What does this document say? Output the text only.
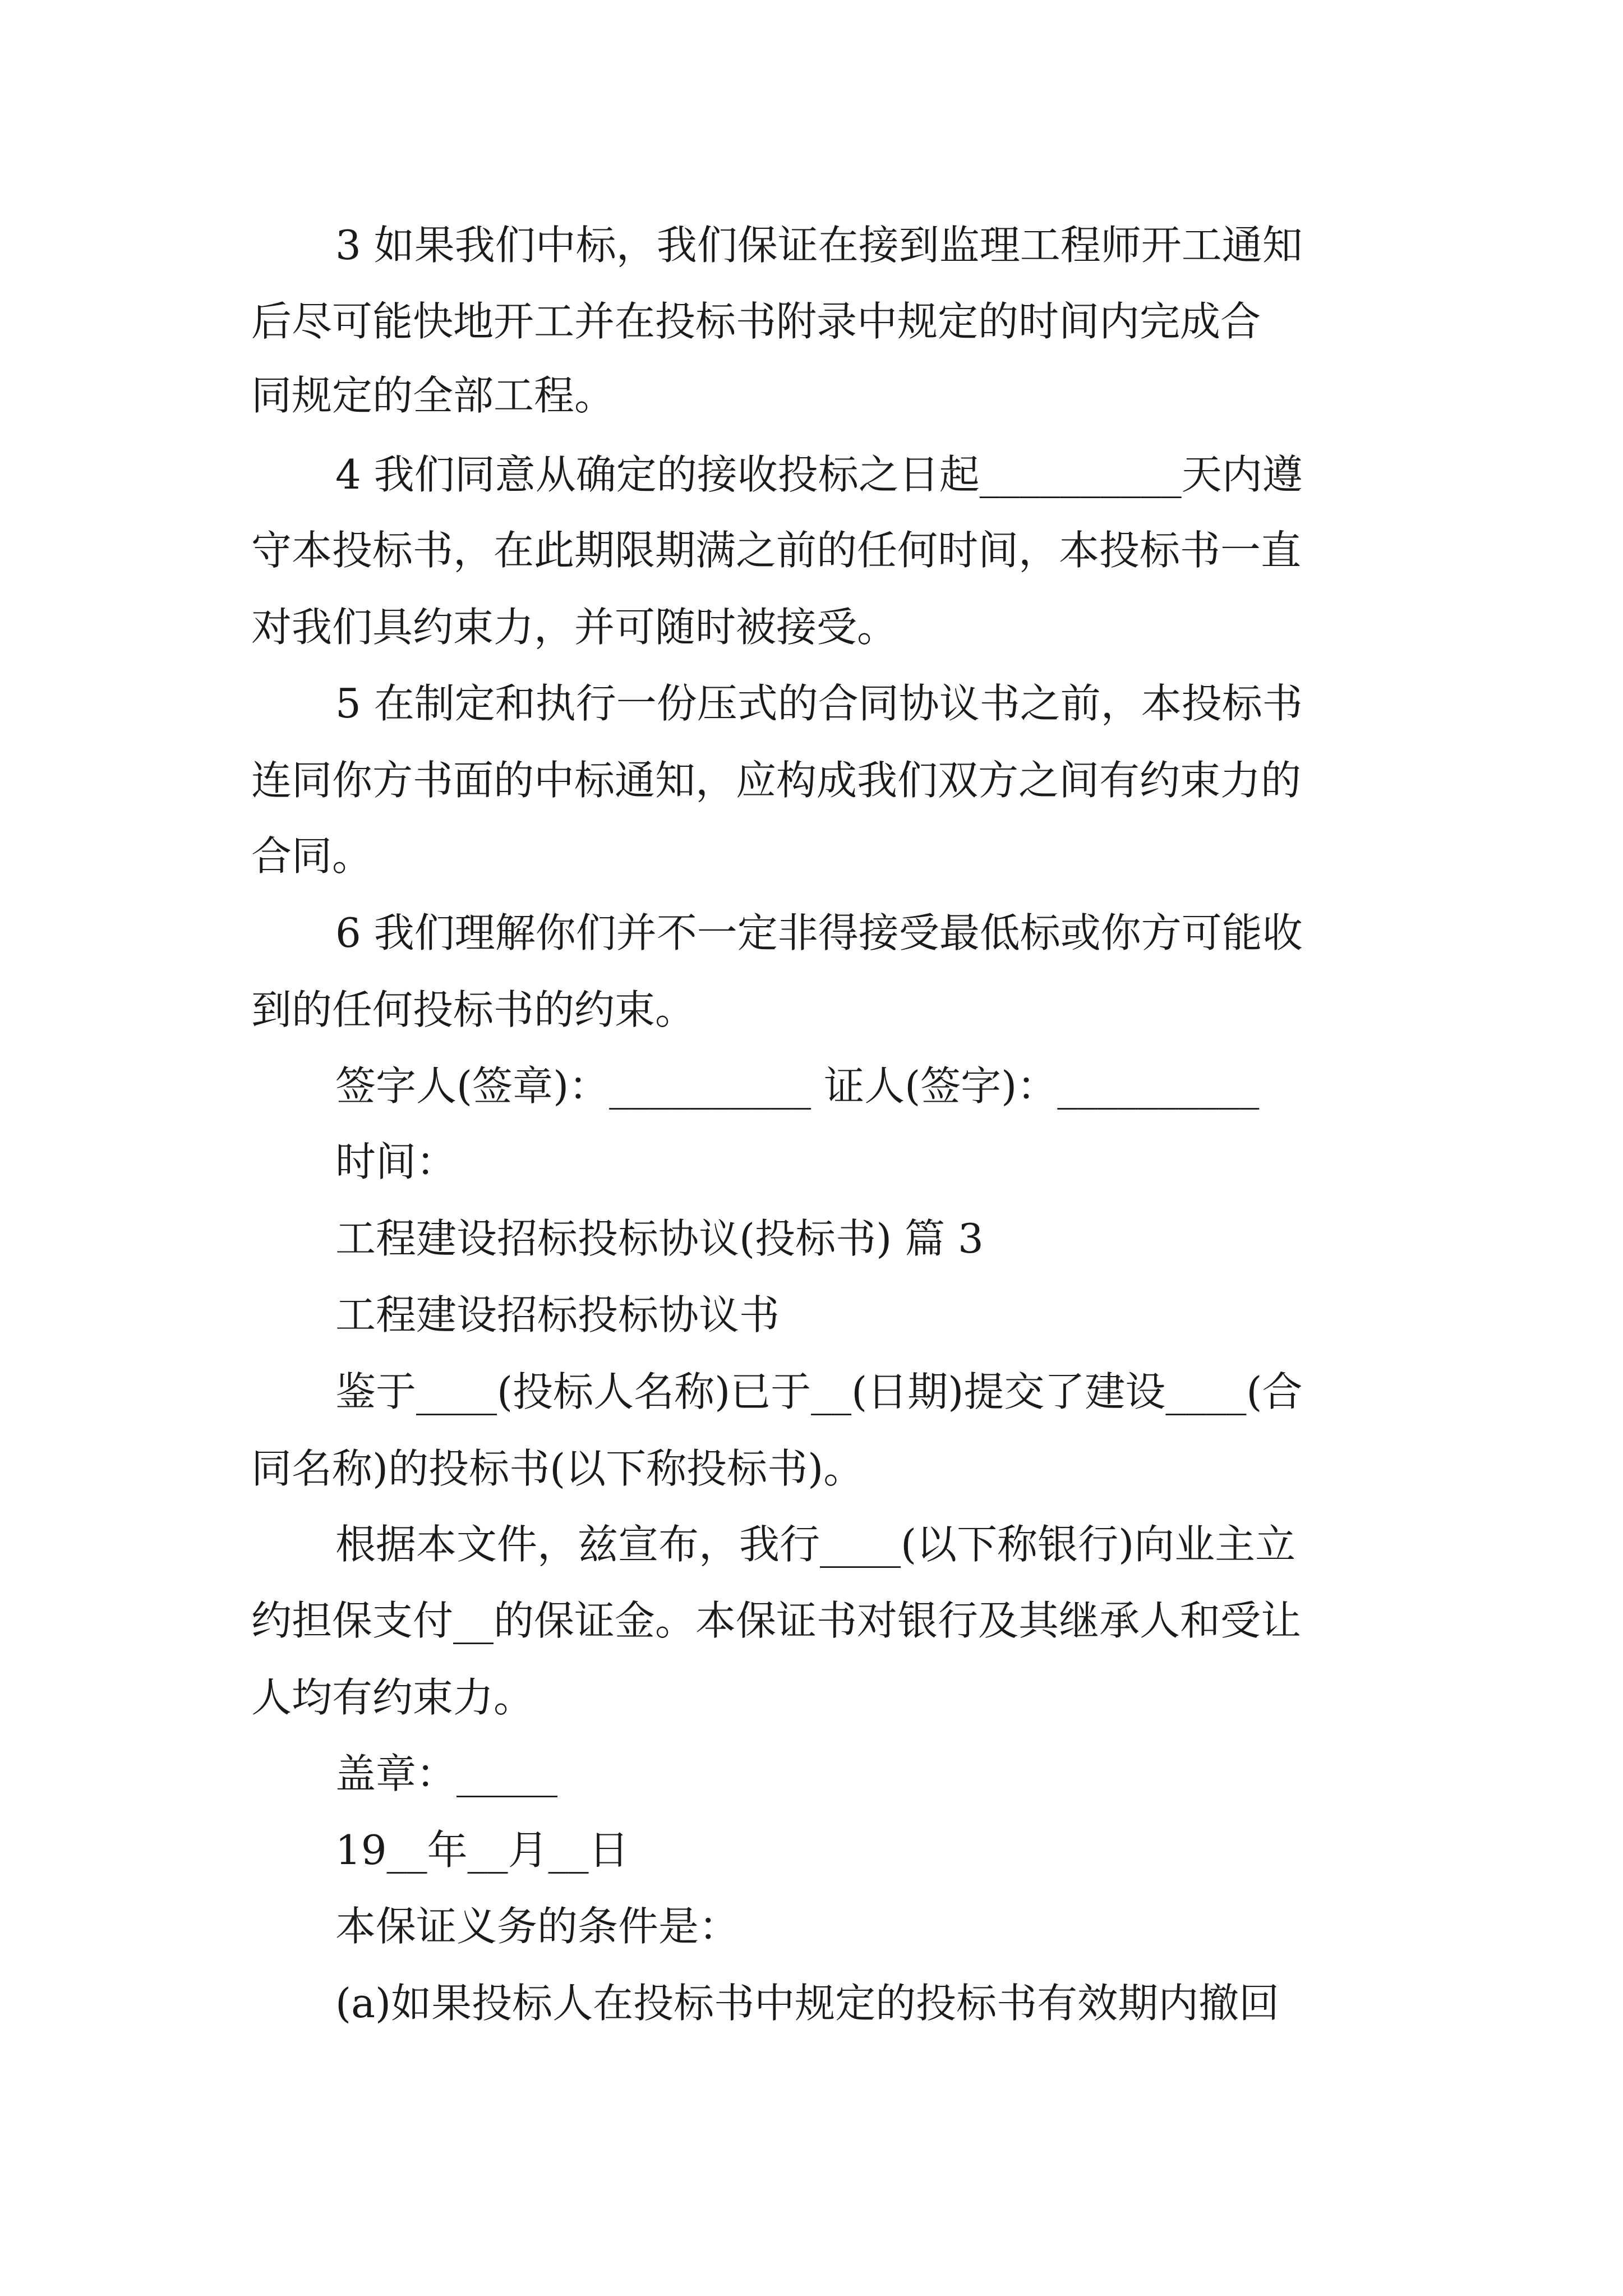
3 如果我们中标，我们保证在接到监理工程师开工通知
后尽可能快地开工并在投标书附录中规定的时间内完成合
同规定的全部工程。
4 我们同意从确定的接收投标之日起__________天内遵
守本投标书，在此期限期满之前的任何时间，本投标书一直
对我们具约束力，并可随时被接受。
5 在制定和执行一份压式的合同协议书之前，本投标书
连同你方书面的中标通知，应构成我们双方之间有约束力的
合同。
6 我们理解你们并不一定非得接受最低标或你方可能收
到的任何投标书的约束。
签字人(签章)：__________ 证人(签字)：__________
时间：
工程建设招标投标协议(投标书) 篇 3
工程建设招标投标协议书
鉴于____(投标人名称)已于__(日期)提交了建设____(合
同名称)的投标书(以下称投标书)。
根据本文件，兹宣布，我行____(以下称银行)向业主立
约担保支付__的保证金。本保证书对银行及其继承人和受让
人均有约束力。
盖章：_____
19__年__月__日
本保证义务的条件是：
(a)如果投标人在投标书中规定的投标书有效期内撤回
